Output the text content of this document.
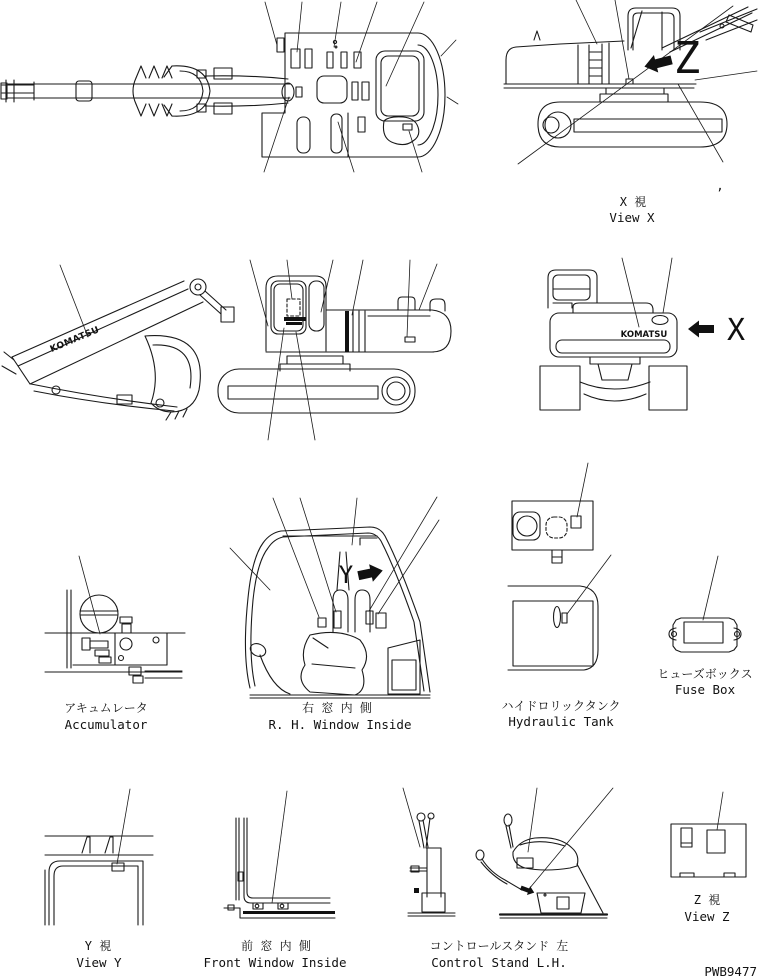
Z
,
X 視
View X
KOMATSU	KOMATSU X
アキュムレータ
Accumulator
Y
右 窓 内 側
R. H. Window Inside
ハイドロリックタンク
Hydraulic Tank
ヒューズボックス
Fuse Box
Y 視
View Y
前 窓 内 側
Front Window Inside
コントロールスタンド 左
Control Stand L.H.
Z 視
View Z
PWB9477
